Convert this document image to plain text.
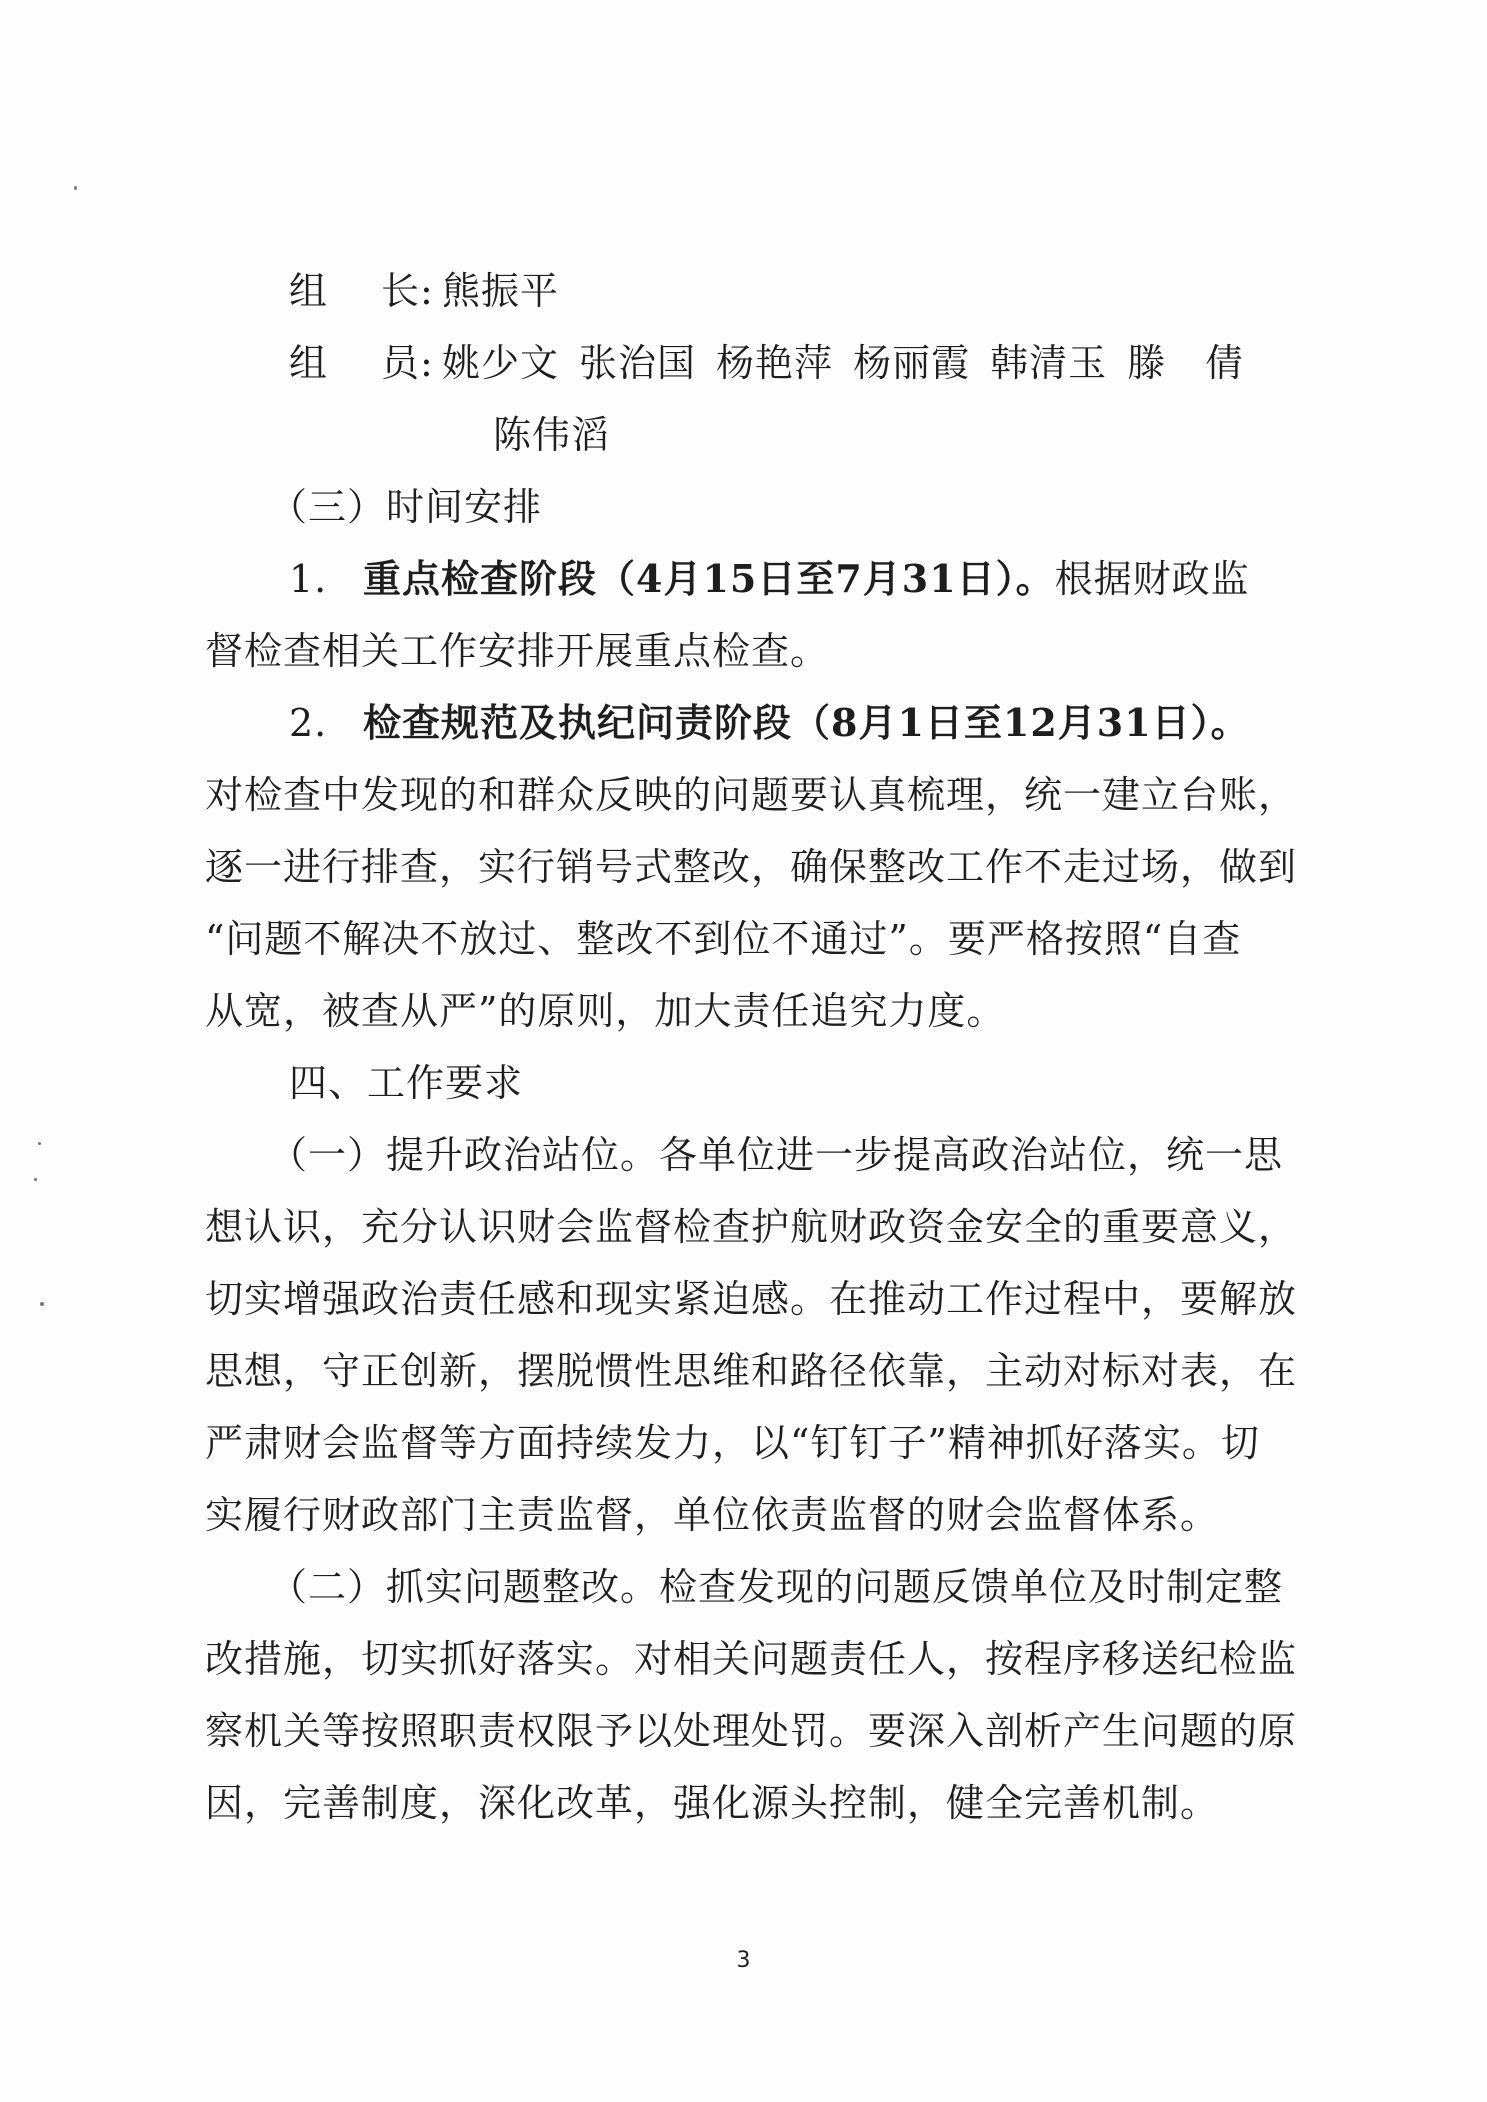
组 长: 熊振平
组 员: 姚少文 张治国 杨艳萍 杨丽霞 韩清玉 滕　倩
陈伟滔
（三）时间安排
1. 重点检查阶段（4月15日至7月31日）。根据财政监
督检查相关工作安排开展重点检查。
2. 检查规范及执纪问责阶段（8月1日至12月31日）。
对检查中发现的和群众反映的问题要认真梳理，统一建立台账，
逐一进行排查，实行销号式整改，确保整改工作不走过场，做到
“问题不解决不放过、整改不到位不通过”。要严格按照“自查
从宽，被查从严”的原则，加大责任追究力度。
四、工作要求
（一）提升政治站位。各单位进一步提高政治站位，统一思
想认识，充分认识财会监督检查护航财政资金安全的重要意义，
切实增强政治责任感和现实紧迫感。在推动工作过程中，要解放
思想，守正创新，摆脱惯性思维和路径依靠，主动对标对表，在
严肃财会监督等方面持续发力，以“钉钉子”精神抓好落实。切
实履行财政部门主责监督，单位依责监督的财会监督体系。
（二）抓实问题整改。检查发现的问题反馈单位及时制定整
改措施，切实抓好落实。对相关问题责任人，按程序移送纪检监
察机关等按照职责权限予以处理处罚。要深入剖析产生问题的原
因，完善制度，深化改革，强化源头控制，健全完善机制。
3
